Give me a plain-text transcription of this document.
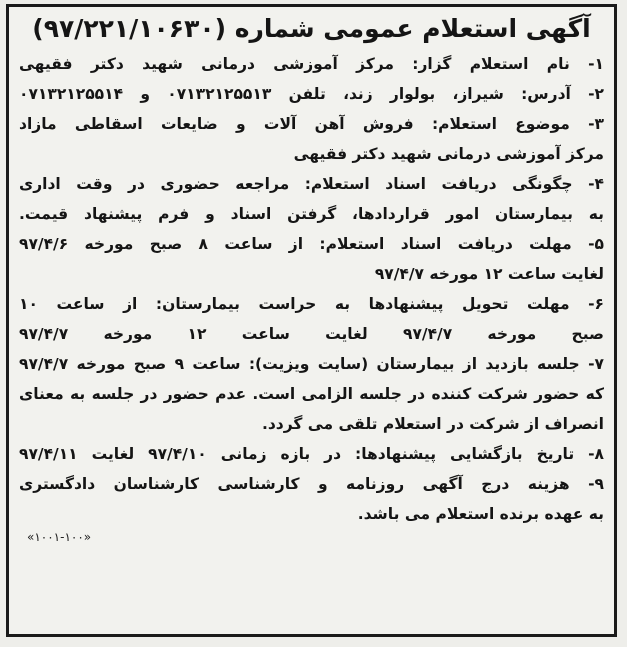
آگهی استعلام عمومی شماره (۹۷/۲۲۱/۱۰۶۳۰)
۱- نام استعلام گزار: مرکز آموزشی درمانی شهید دکتر فقیهی
۲- آدرس: شیراز، بولوار زند، تلفن ۰۷۱۳۲۱۲۵۵۱۳ و ۰۷۱۳۲۱۲۵۵۱۴
۳- موضوع استعلام: فروش آهن آلات و ضایعات اسقاطی مازاد
مرکز آموزشی درمانی شهید دکتر فقیهی
۴- چگونگی دریافت اسناد استعلام: مراجعه حضوری در وقت اداری
به بیمارستان امور قراردادها، گرفتن اسناد و فرم پیشنهاد قیمت.
۵- مهلت دریافت اسناد استعلام: از ساعت ۸ صبح مورخه ۹۷/۴/۶
لغایت ساعت ۱۲ مورخه ۹۷/۴/۷
۶- مهلت تحویل پیشنهادها به حراست بیمارستان: از ساعت ۱۰
صبح مورخه ۹۷/۴/۷ لغایت ساعت ۱۲ مورخه ۹۷/۴/۷
۷- جلسه بازدید از بیمارستان (سایت ویزیت): ساعت ۹ صبح مورخه ۹۷/۴/۷
که حضور شرکت کننده در جلسه الزامی است. عدم حضور در جلسه به معنای
انصراف از شرکت در استعلام تلقی می گردد.
۸- تاریخ بازگشایی پیشنهادها: در بازه زمانی ۹۷/۴/۱۰ لغایت ۹۷/۴/۱۱
۹- هزینه درج آگهی روزنامه و کارشناسی کارشناسان دادگستری
به عهده برنده استعلام می باشد.
«۱۰۰۱-۱۰۰»
